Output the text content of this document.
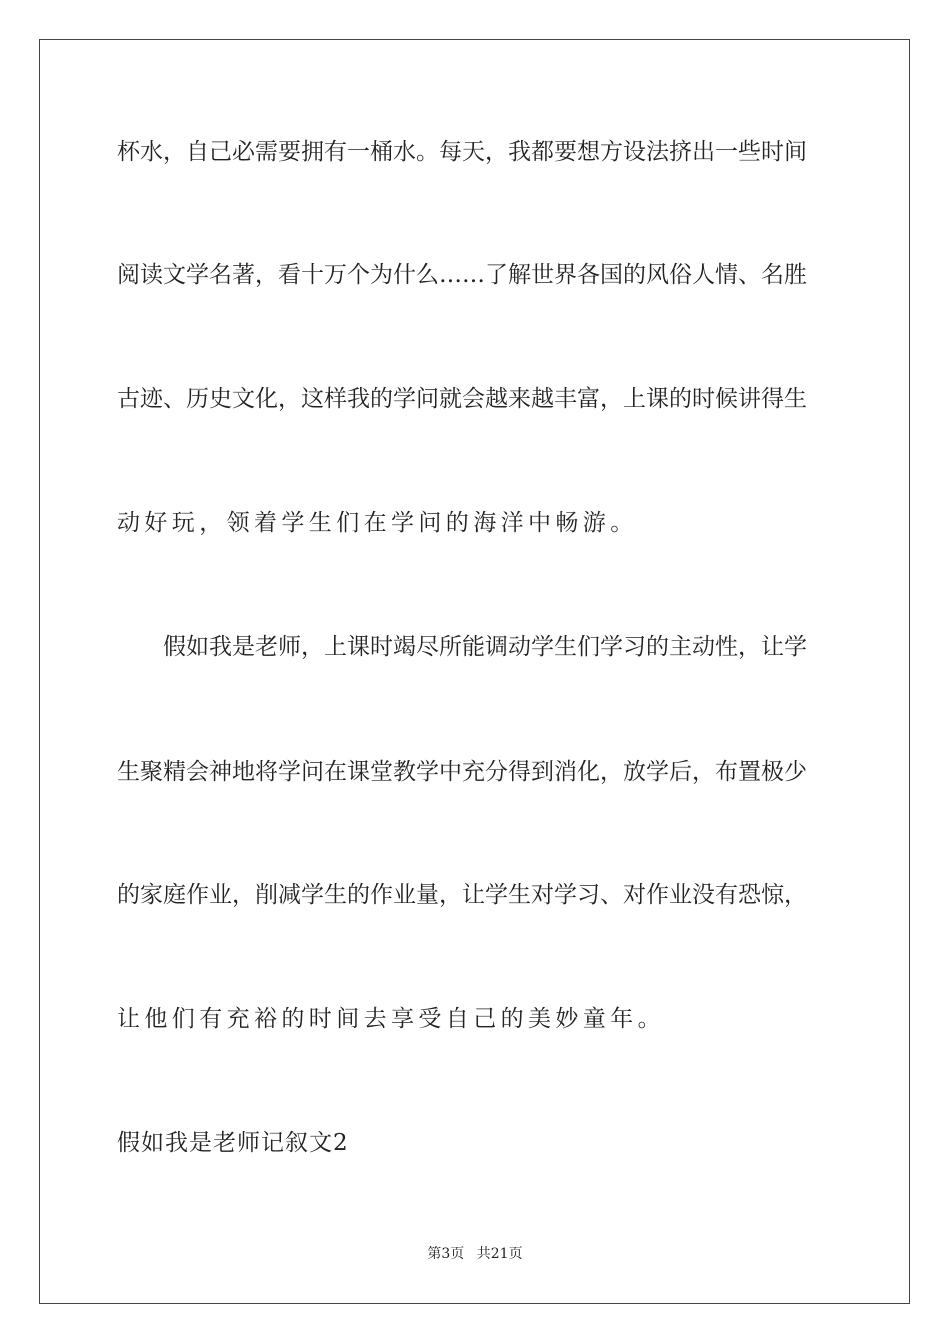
杯水，自己必需要拥有一桶水。每天，我都要想方设法挤出一些时间
阅读文学名著，看十万个为什么……了解世界各国的风俗人情、名胜
古迹、历史文化，这样我的学问就会越来越丰富，上课的时候讲得生
动好玩，领着学生们在学问的海洋中畅游。
假如我是老师，上课时竭尽所能调动学生们学习的主动性，让学
生聚精会神地将学问在课堂教学中充分得到消化，放学后，布置极少
的家庭作业，削减学生的作业量，让学生对学习、对作业没有恐惊，
让他们有充裕的时间去享受自己的美妙童年。
假如我是老师记叙文2
第3页 共21页
